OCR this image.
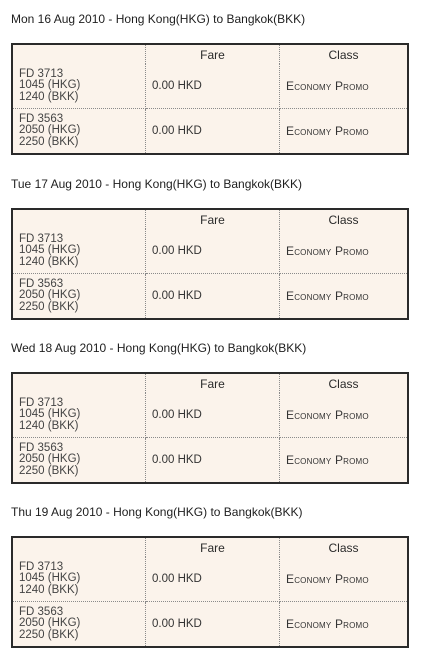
Mon 16 Aug 2010 - Hong Kong(HKG) to Bangkok(BKK)
	Fare	Class

FD 3713
1045 (HKG)
1240 (BKK)	0.00 HKD	Economy Promo

FD 3563
2050 (HKG)
2250 (BKK)	0.00 HKD	Economy Promo
Tue 17 Aug 2010 - Hong Kong(HKG) to Bangkok(BKK)
	Fare	Class

FD 3713
1045 (HKG)
1240 (BKK)	0.00 HKD	Economy Promo

FD 3563
2050 (HKG)
2250 (BKK)	0.00 HKD	Economy Promo
Wed 18 Aug 2010 - Hong Kong(HKG) to Bangkok(BKK)
	Fare	Class

FD 3713
1045 (HKG)
1240 (BKK)	0.00 HKD	Economy Promo

FD 3563
2050 (HKG)
2250 (BKK)	0.00 HKD	Economy Promo
Thu 19 Aug 2010 - Hong Kong(HKG) to Bangkok(BKK)
	Fare	Class

FD 3713
1045 (HKG)
1240 (BKK)	0.00 HKD	Economy Promo

FD 3563
2050 (HKG)
2250 (BKK)	0.00 HKD	Economy Promo
